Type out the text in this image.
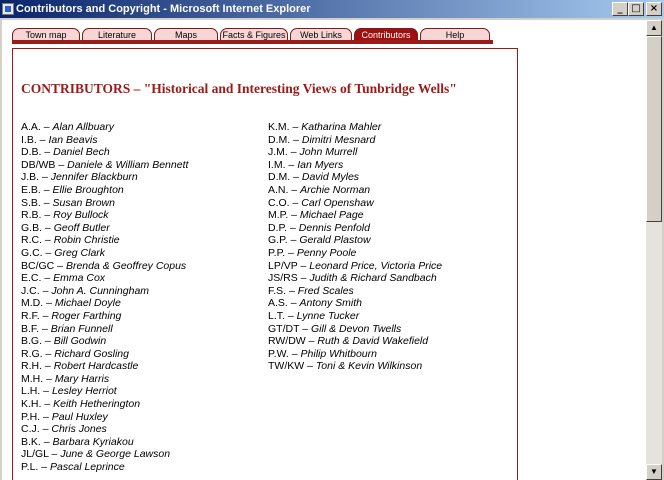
Contributors and Copyright - Microsoft Internet Explorer	_ □ ×
Town map	Literature	Maps	Facts & Figures	Web Links	Contributors	Help
CONTRIBUTORS – "Historical and Interesting Views of Tunbridge Wells"
A.A. – Alan Allbuary
I.B. – Ian Beavis
D.B. – Daniel Bech
DB/WB – Daniele & William Bennett
J.B. – Jennifer Blackburn
E.B. – Ellie Broughton
S.B. – Susan Brown
R.B. – Roy Bullock
G.B. – Geoff Butler
R.C. – Robin Christie
G.C. – Greg Clark
BC/GC – Brenda & Geoffrey Copus
E.C. – Emma Cox
J.C. – John A. Cunningham
M.D. – Michael Doyle
R.F. – Roger Farthing
B.F. – Brian Funnell
B.G. – Bill Godwin
R.G. – Richard Gosling
R.H. – Robert Hardcastle
M.H. – Mary Harris
L.H. – Lesley Herriot
K.H. – Keith Hetherington
P.H. – Paul Huxley
C.J. – Chris Jones
B.K. – Barbara Kyriakou
JL/GL – June & George Lawson
P.L. – Pascal Leprince
K.M. – Katharina Mahler
D.M. – Dimitri Mesnard
J.M. – John Murrell
I.M. – Ian Myers
D.M. – David Myles
A.N. – Archie Norman
C.O. – Carl Openshaw
M.P. – Michael Page
D.P. – Dennis Penfold
G.P. – Gerald Plastow
P.P. – Penny Poole
LP/VP – Leonard Price, Victoria Price
JS/RS – Judith & Richard Sandbach
F.S. – Fred Scales
A.S. – Antony Smith
L.T. – Lynne Tucker
GT/DT – Gill & Devon Twells
RW/DW – Ruth & David Wakefield
P.W. – Philip Whitbourn
TW/KW – Toni & Kevin Wilkinson
▲
▼
